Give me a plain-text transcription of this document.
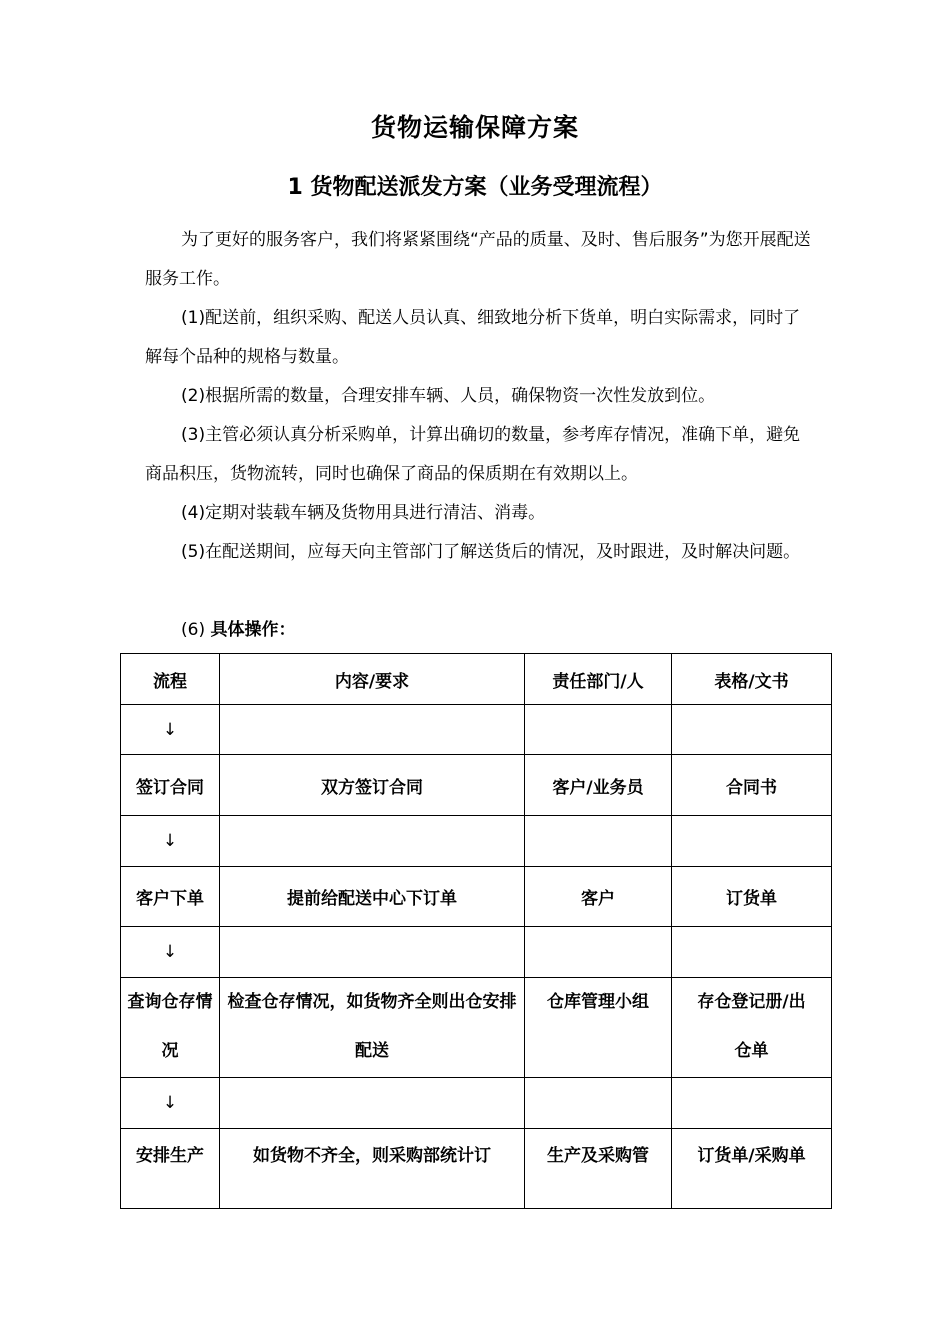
货物运输保障方案
1 货物配送派发方案（业务受理流程）

为了更好的服务客户，我们将紧紧围绕“产品的质量、及时、售后服务”为您开展配送服务工作。

(1)配送前，组织采购、配送人员认真、细致地分析下货单，明白实际需求，同时了解每个品种的规格与数量。

(2)根据所需的数量，合理安排车辆、人员，确保物资一次性发放到位。

(3)主管必须认真分析采购单，计算出确切的数量，参考库存情况，准确下单，避免商品积压，货物流转，同时也确保了商品的保质期在有效期以上。

(4)定期对装载车辆及货物用具进行清洁、消毒。

(5)在配送期间，应每天向主管部门了解送货后的情况，及时跟进，及时解决问题。

(6) 具体操作：

流程	内容/要求	责任部门/人	表格/文书
↓			
签订合同	双方签订合同	客户/业务员	合同书
↓			
客户下单	提前给配送中心下订单	客户	订货单
↓			
查询仓存情况	检查仓存情况，如货物齐全则出仓安排配送	仓库管理小组	存仓登记册/出仓单
↓			
安排生产	如货物不齐全，则采购部统计订	生产及采购管	订货单/采购单
